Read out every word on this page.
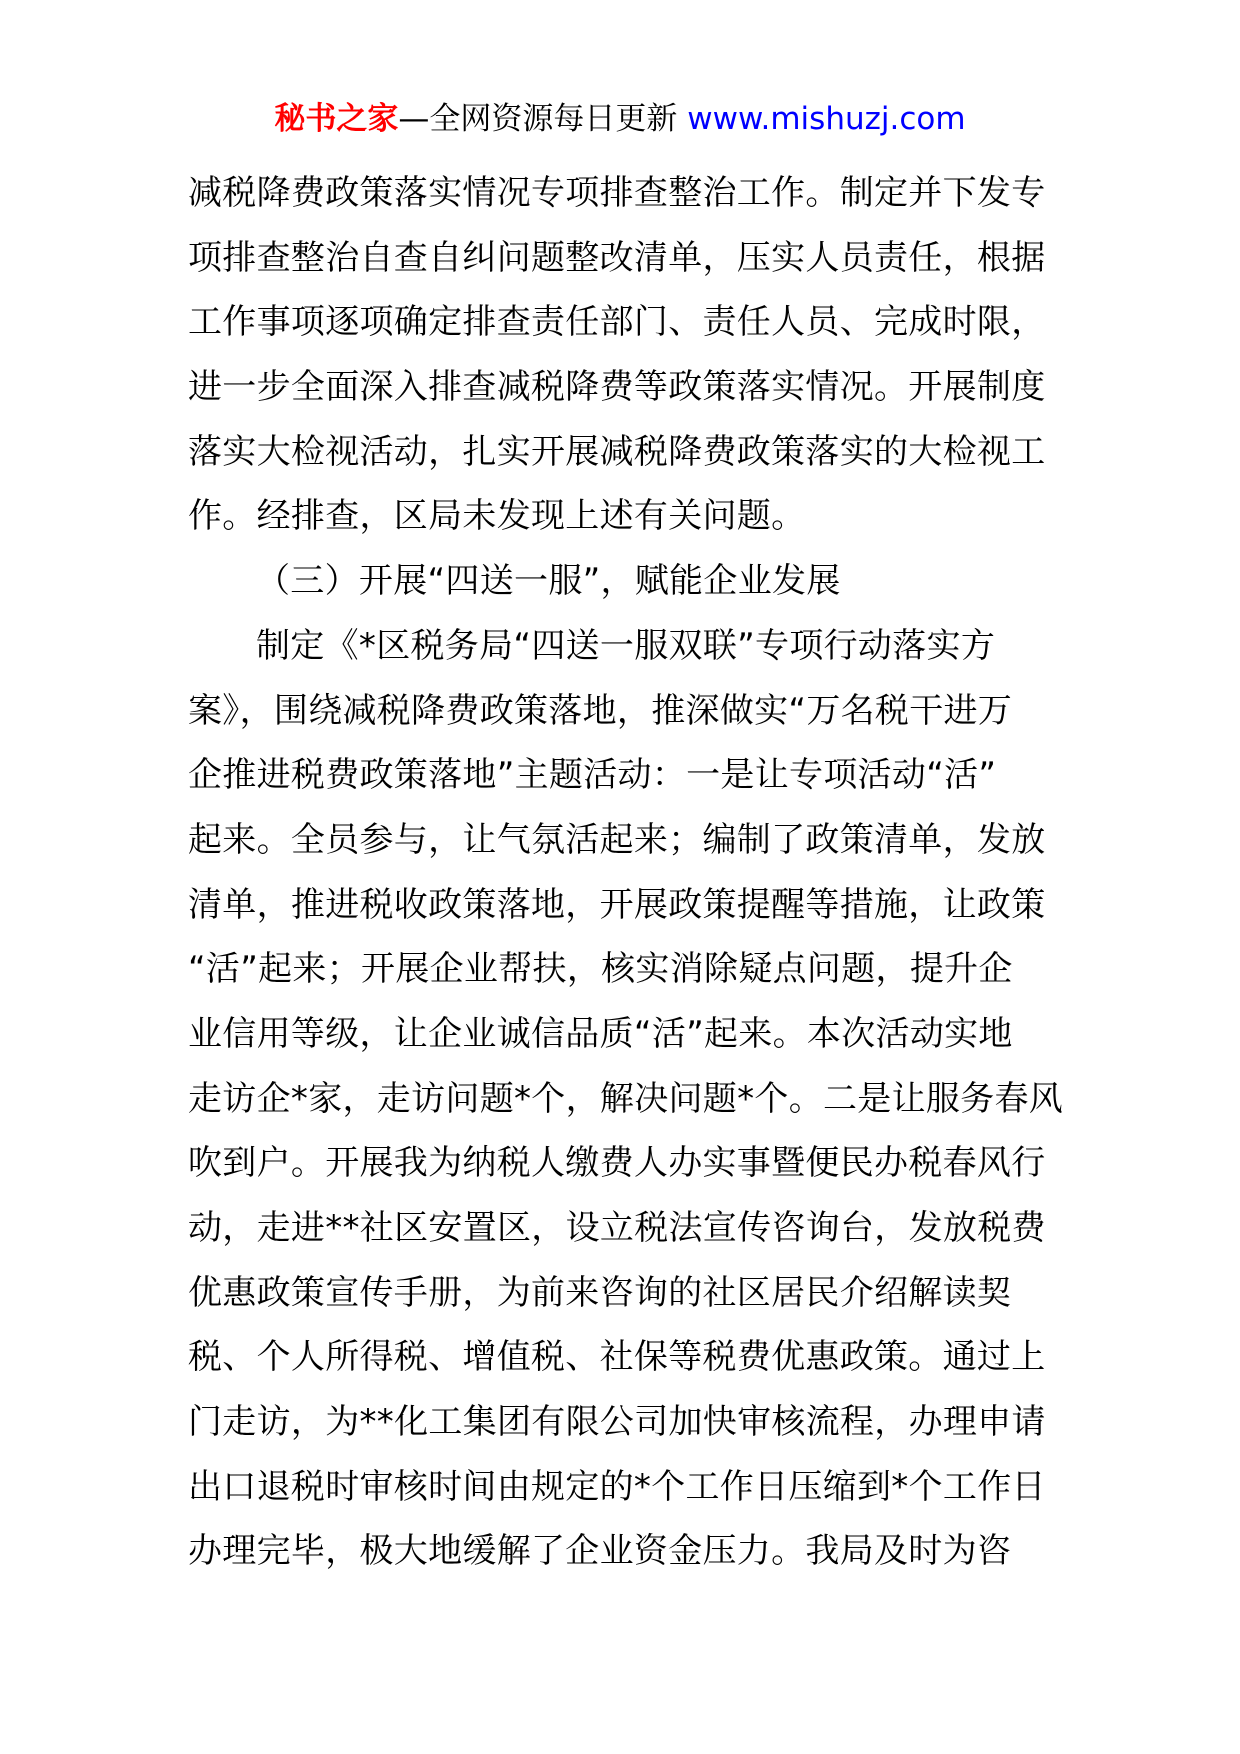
秘书之家—全网资源每日更新 www.mishuzj.com
减税降费政策落实情况专项排查整治工作。制定并下发专
项排查整治自查自纠问题整改清单，压实人员责任，根据
工作事项逐项确定排查责任部门、责任人员、完成时限，
进一步全面深入排查减税降费等政策落实情况。开展制度
落实大检视活动，扎实开展减税降费政策落实的大检视工
作。经排查，区局未发现上述有关问题。
（三）开展“四送一服”，赋能企业发展
制定《*区税务局“四送一服双联”专项行动落实方
案》，围绕减税降费政策落地，推深做实“万名税干进万
企推进税费政策落地”主题活动：一是让专项活动“活”
起来。全员参与，让气氛活起来；编制了政策清单，发放
清单，推进税收政策落地，开展政策提醒等措施，让政策
“活”起来；开展企业帮扶，核实消除疑点问题，提升企
业信用等级，让企业诚信品质“活”起来。本次活动实地
走访企*家，走访问题*个，解决问题*个。二是让服务春风
吹到户。开展我为纳税人缴费人办实事暨便民办税春风行
动，走进**社区安置区，设立税法宣传咨询台，发放税费
优惠政策宣传手册，为前来咨询的社区居民介绍解读契
税、个人所得税、增值税、社保等税费优惠政策。通过上
门走访，为**化工集团有限公司加快审核流程，办理申请
出口退税时审核时间由规定的*个工作日压缩到*个工作日
办理完毕，极大地缓解了企业资金压力。我局及时为咨
